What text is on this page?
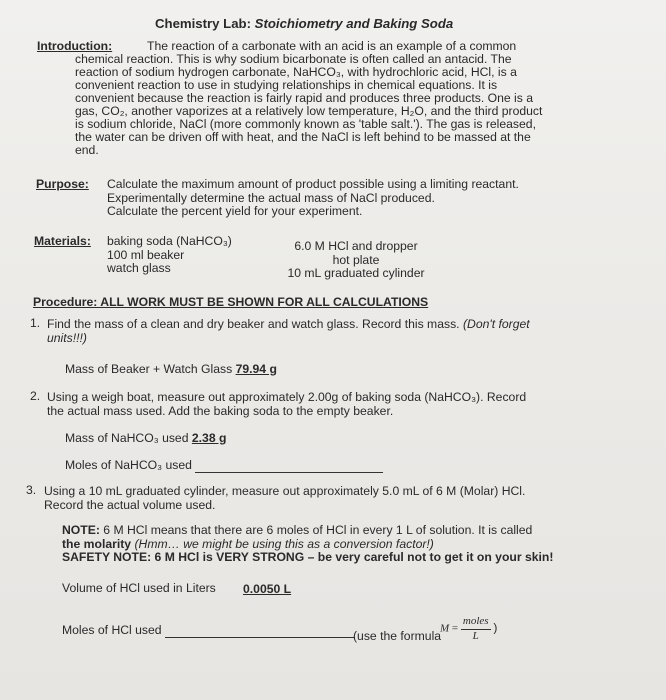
Chemistry Lab: Stoichiometry and Baking Soda
Introduction:	The reaction of a carbonate with an acid is an example of a common
chemical reaction. This is why sodium bicarbonate is often called an antacid. The
reaction of sodium hydrogen carbonate, NaHCO₃, with hydrochloric acid, HCl, is a
convenient reaction to use in studying relationships in chemical equations. It is
convenient because the reaction is fairly rapid and produces three products. One is a
gas, CO₂, another vaporizes at a relatively low temperature, H₂O, and the third product
is sodium chloride, NaCl (more commonly known as 'table salt.'). The gas is released,
the water can be driven off with heat, and the NaCl is left behind to be massed at the
end.
Purpose: Calculate the maximum amount of product possible using a limiting reactant.

Experimentally determine the actual mass of NaCl produced.

Calculate the percent yield for your experiment.

Materials: baking soda (NaHCO₃)

100 ml beaker

watch glass

6.0 M HCl and dropper

hot plate

10 mL graduated cylinder

Procedure: ALL WORK MUST BE SHOWN FOR ALL CALCULATIONS
1. Find the mass of a clean and dry beaker and watch glass. Record this mass. (Don't forget units!!!)
Mass of Beaker + Watch Glass 79.94 g
2. Using a weigh boat, measure out approximately 2.00g of baking soda (NaHCO₃). Record

the actual mass used. Add the baking soda to the empty beaker.

Mass of NaHCO₃ used 2.38 g
Moles of NaHCO₃ used
3. Using a 10 mL graduated cylinder, measure out approximately 5.0 mL of 6 M (Molar) HCl.

Record the actual volume used.

NOTE: 6 M HCl means that there are 6 moles of HCl in every 1 L of solution. It is called

the molarity (Hmm… we might be using this as a conversion factor!)

SAFETY NOTE: 6 M HCl is VERY STRONG – be very careful not to get it on your skin!

Volume of HCl used in Liters 0.0050 L
Moles of HCl used	(use the formula
$M = \frac{\text{moles}}{L}$ )
